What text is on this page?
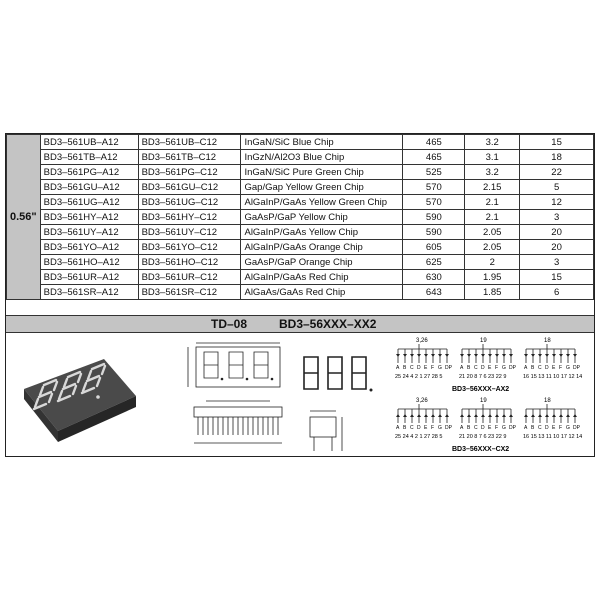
0.56"	BD3–561UB–A12	BD3–561UB–C12	InGaN/SiC Blue Chip	465	3.2	15
	BD3–561TB–A12	BD3–561TB–C12	InGzN/Al2O3 Blue Chip	465	3.1	18
	BD3–561PG–A12	BD3–561PG–C12	InGaN/SiC Pure Green Chip	525	3.2	22
	BD3–561GU–A12	BD3–561GU–C12	Gap/Gap Yellow Green Chip	570	2.15	5
	BD3–561UG–A12	BD3–561UG–C12	AlGaInP/GaAs Yellow Green Chip	570	2.1	12
	BD3–561HY–A12	BD3–561HY–C12	GaAsP/GaP Yellow Chip	590	2.1	3
	BD3–561UY–A12	BD3–561UY–C12	AlGaInP/GaAs Yellow Chip	590	2.05	20
	BD3–561YO–A12	BD3–561YO–C12	AlGaInP/GaAs Orange Chip	605	2.05	20
	BD3–561HO–A12	BD3–561HO–C12	GaAsP/GaP Orange Chip	625	2	3
	BD3–561UR–A12	BD3–561UR–C12	AlGaInP/GaAs Red Chip	630	1.95	15
	BD3–561SR–A12	BD3–561SR–C12	AlGaAs/GaAs Red Chip	643	1.85	6
TD–08	BD3–56XXX–XX2
3,26
A B C D E F G DP
25 24 4 2 1 27 28 5
19
A B C D E F G DP
21 20 8 7 6 23 22 9
18
A B C D E F G DP
16 15 13 11 10 17 12 14
BD3–56XXX–AX2
3,26
A B C D E F G DP
25 24 4 2 1 27 28 5
19
A B C D E F G DP
21 20 8 7 6 23 22 9
18
A B C D E F G DP
16 15 13 11 10 17 12 14
BD3–56XXX–CX2
